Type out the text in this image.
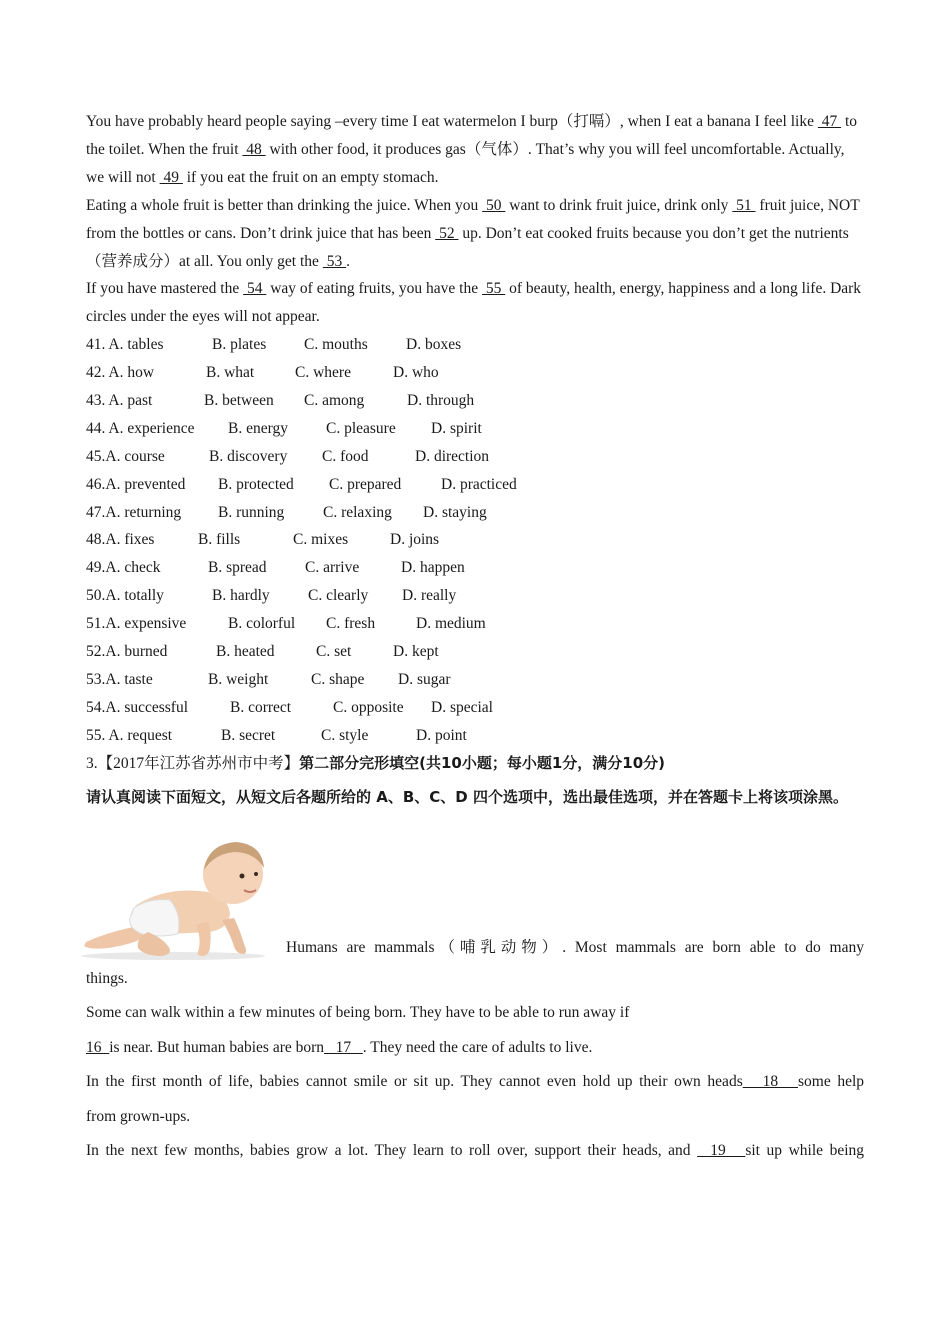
You have probably heard people saying –every time I eat watermelon I burp（打嗝）, when I eat a banana I feel like  47  to the toilet. When the fruit  48  with other food, it produces gas（气体）. That’s why you will feel uncomfortable. Actually, we will not  49  if you eat the fruit on an empty stomach.

Eating a whole fruit is better than drinking the juice. When you  50  want to drink fruit juice, drink only  51  fruit juice, NOT from the bottles or cans. Don’t drink juice that has been  52  up. Don’t eat cooked fruits because you don’t get the nutrients（营养成分）at all. You only get the  53 .

If you have mastered the  54  way of eating fruits, you have the  55  of beauty, health, energy, happiness and a long life. Dark circles under the eyes will not appear.

41. A. tables	B. plates C. mouths D. boxes
42. A. how	B. what	C. where	D. who
43. A. past	B. between C. among	D. through
44. A. experience B. energy C. pleasure D. spirit
45.A. course	B. discovery C. food	D. direction
46.A. prevented B. protected C. prepared	D. practiced
47.A. returning B. running C. relaxing D. staying
48.A. fixes	B. fills	C. mixes	D. joins
49.A. check	B. spread C. arrive	D. happen
50.A. totally	B. hardly C. clearly D. really
51.A. expensive	B. colorful C. fresh	D. medium
52.A. burned	B. heated	C. set	D. kept
53.A. taste	B. weight	C. shape D. sugar
54.A. successful	B. correct	C. opposite D. special
55. A. request	B. secret	C. style	D. point
3.【2017年江苏省苏州市中考】第二部分完形填空(共10小题；每小题1分，满分10分)

请认真阅读下面短文，从短文后各题所给的 A、B、C、D 四个选项中，选出最佳选项，并在答题卡上将该项涂黑。

Humans are mammals（哺乳动物）. Most mammals are born able to do many

things.

Some can walk within a few minutes of being born. They have to be able to run away if

16  is near. But human babies are born   17   . They need the care of adults to live.

In the first month of life, babies cannot smile or sit up. They cannot even hold up their own heads   18   some help

from grown-ups.

In the next few months, babies grow a lot. They learn to roll over, support their heads, and   19   sit up while being
